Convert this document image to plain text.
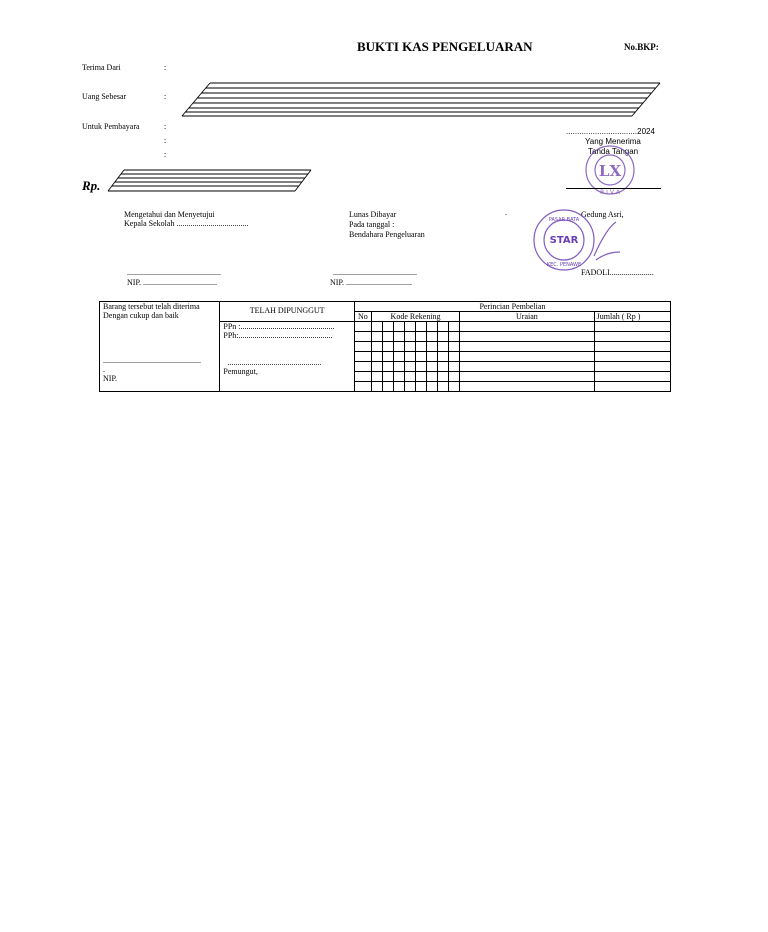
BUKTI KAS PENGELUARAN	No.BKP:
Terima Dari	:
Uang Sebesar	:
Untuk Pembayara	:
:
:
Rp.
................................2024
Yang Menerima
Tanda Tangan
LX
R I V A
Mengetahui dan Menyetujui
Kepala Sekolah ....................................
...............................................
NIP. .....................................
Lunas Dibayar
Pada tanggal :
Bendahara Pengeluaran
..........................................
NIP. .................................
.	Gedung Asri,
PASAR BATA
STAR
KEC. PENAWE
FADOLI......................
Barang tersebut telah diterima
Dengan cukup dan baik
.................................................
.
NIP.	TELAH DIPUNGGUT	Perincian Pembelian										
		No	Kode Rekening								Uraian	Jumlah ( Rp )

	PPn :...............................................
PPh:...............................................
...............................................
Pemungut,											
